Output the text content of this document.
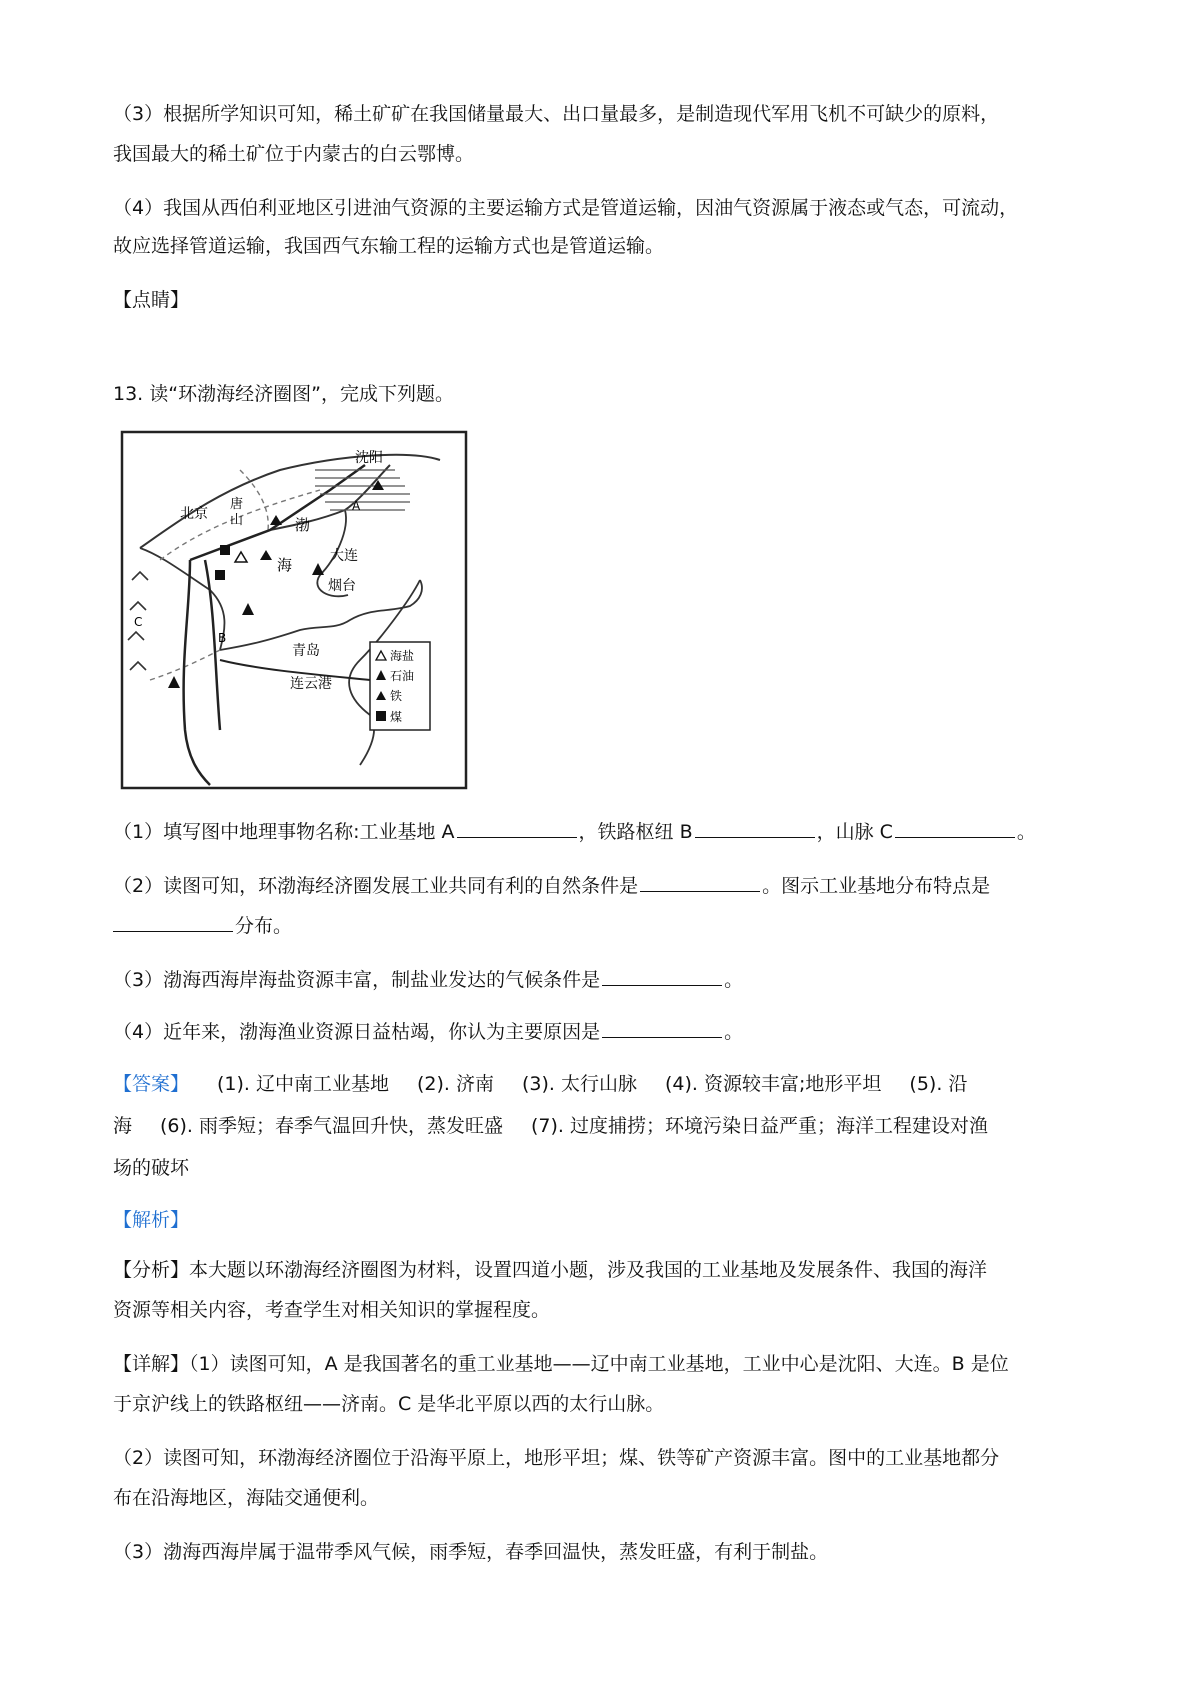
（3）根据所学知识可知，稀土矿矿在我国储量最大、出口量最多，是制造现代军用飞机不可缺少的原料，
我国最大的稀土矿位于内蒙古的白云鄂博。
（4）我国从西伯利亚地区引进油气资源的主要运输方式是管道运输，因油气资源属于液态或气态，可流动，
故应选择管道运输，我国西气东输工程的运输方式也是管道运输。
【点睛】
13. 读“环渤海经济圈图”，完成下列题。
沈阳
北京
唐
山	渤
海	大连
烟台
青岛
连云港
A
B
C
海盐
石油
铁
煤
（1）填写图中地理事物名称:工业基地 A	，铁路枢纽 B	，山脉 C	。
（2）读图可知，环渤海经济圈发展工业共同有利的自然条件是	。图示工业基地分布特点是
分布。
（3）渤海西海岸海盐资源丰富，制盐业发达的气候条件是	。
（4）近年来，渤海渔业资源日益枯竭，你认为主要原因是	。
【答案】 (1). 辽中南工业基地 (2). 济南 (3). 太行山脉 (4). 资源较丰富;地形平坦 (5). 沿
海 (6). 雨季短；春季气温回升快，蒸发旺盛 (7). 过度捕捞；环境污染日益严重；海洋工程建设对渔
场的破坏
【解析】
【分析】本大题以环渤海经济圈图为材料，设置四道小题，涉及我国的工业基地及发展条件、我国的海洋
资源等相关内容，考查学生对相关知识的掌握程度。
【详解】（1）读图可知，A 是我国著名的重工业基地——辽中南工业基地，工业中心是沈阳、大连。B 是位
于京沪线上的铁路枢纽——济南。C 是华北平原以西的太行山脉。
（2）读图可知，环渤海经济圈位于沿海平原上，地形平坦；煤、铁等矿产资源丰富。图中的工业基地都分
布在沿海地区，海陆交通便利。
（3）渤海西海岸属于温带季风气候，雨季短，春季回温快，蒸发旺盛，有利于制盐。
